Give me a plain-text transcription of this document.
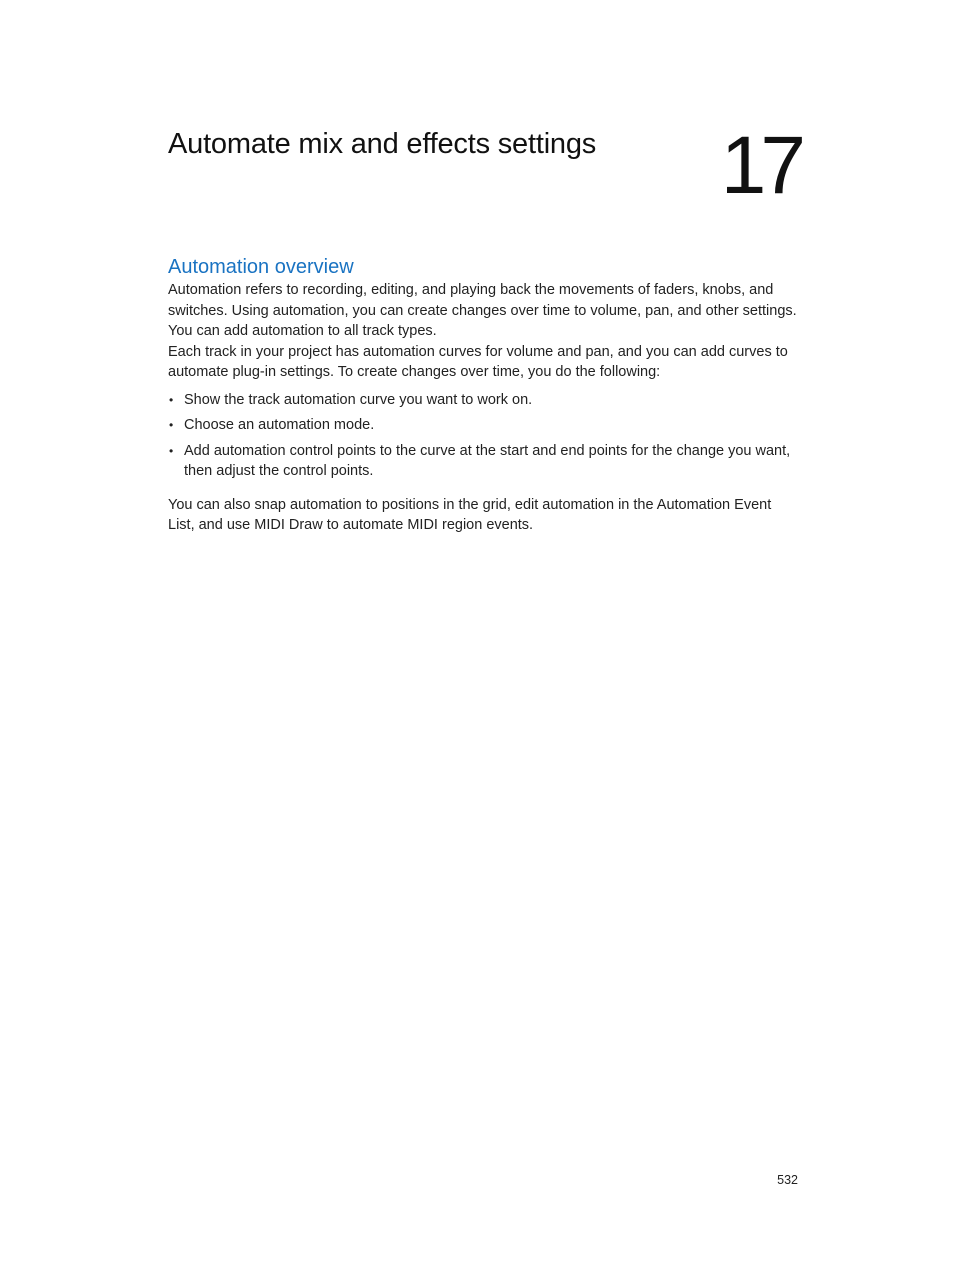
Automate mix and effects settings 17
Automation overview

Automation refers to recording, editing, and playing back the movements of faders, knobs, and switches. Using automation, you can create changes over time to volume, pan, and other settings. You can add automation to all track types.

Each track in your project has automation curves for volume and pan, and you can add curves to automate plug-in settings. To create changes over time, you do the following:

• Show the track automation curve you want to work on.
• Choose an automation mode.
• Add automation control points to the curve at the start and end points for the change you want, then adjust the control points.

You can also snap automation to positions in the grid, edit automation in the Automation Event List, and use MIDI Draw to automate MIDI region events.

532
